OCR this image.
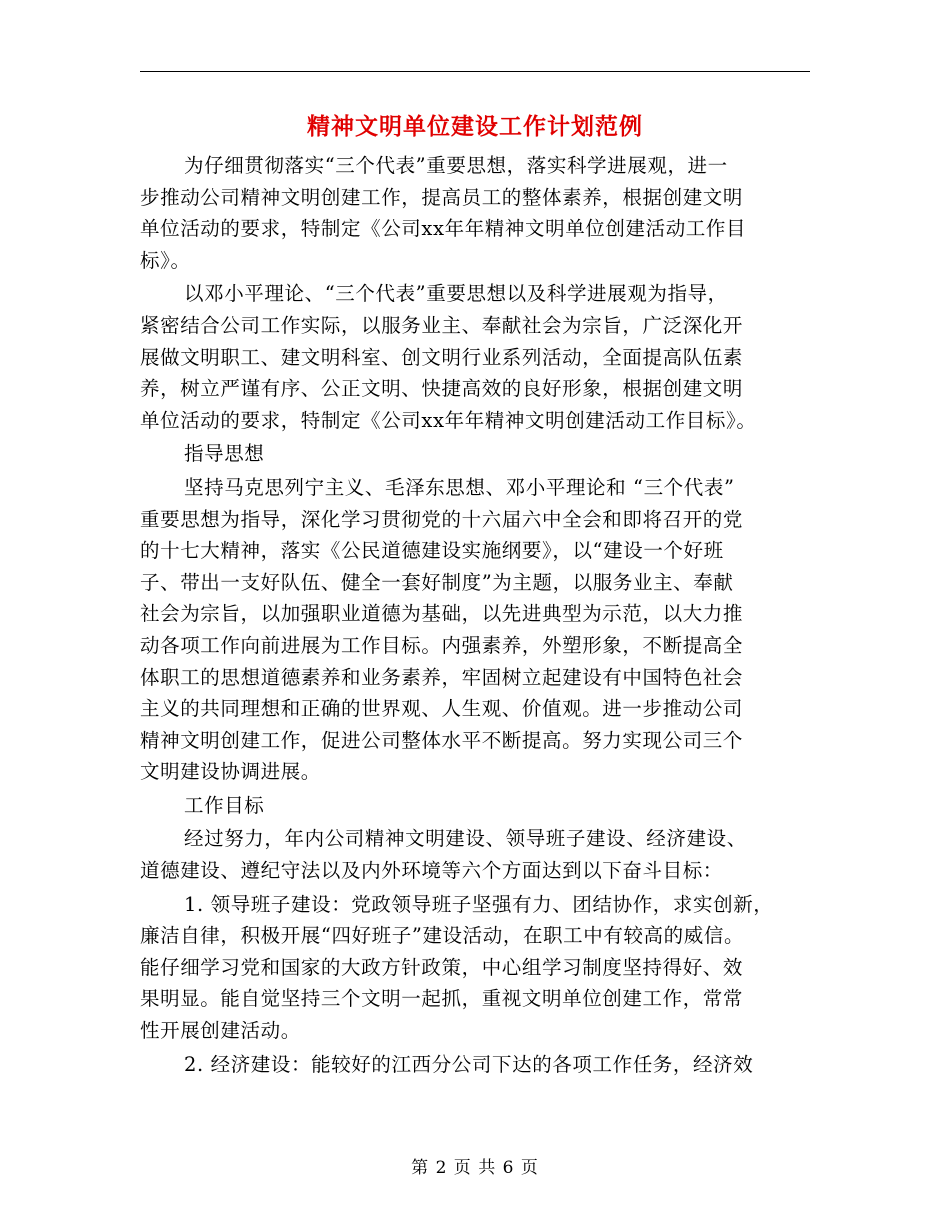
精神文明单位建设工作计划范例

为仔细贯彻落实“三个代表”重要思想，落实科学进展观，进一
步推动公司精神文明创建工作，提高员工的整体素养，根据创建文明
单位活动的要求，特制定《公司xx年年精神文明单位创建活动工作目
标》。

以邓小平理论、“三个代表”重要思想以及科学进展观为指导，
紧密结合公司工作实际，以服务业主、奉献社会为宗旨，广泛深化开
展做文明职工、建文明科室、创文明行业系列活动，全面提高队伍素
养，树立严谨有序、公正文明、快捷高效的良好形象，根据创建文明
单位活动的要求，特制定《公司xx年年精神文明创建活动工作目标》。

指导思想

坚持马克思列宁主义、毛泽东思想、邓小平理论和 “三个代表”
重要思想为指导，深化学习贯彻党的十六届六中全会和即将召开的党
的十七大精神，落实《公民道德建设实施纲要》，以“建设一个好班
子、带出一支好队伍、健全一套好制度”为主题，以服务业主、奉献
社会为宗旨，以加强职业道德为基础，以先进典型为示范，以大力推
动各项工作向前进展为工作目标。内强素养，外塑形象，不断提高全
体职工的思想道德素养和业务素养，牢固树立起建设有中国特色社会
主义的共同理想和正确的世界观、人生观、价值观。进一步推动公司
精神文明创建工作，促进公司整体水平不断提高。努力实现公司三个
文明建设协调进展。

工作目标

经过努力，年内公司精神文明建设、领导班子建设、经济建设、
道德建设、遵纪守法以及内外环境等六个方面达到以下奋斗目标：

1. 领导班子建设：党政领导班子坚强有力、团结协作，求实创新，
廉洁自律，积极开展“四好班子”建设活动，在职工中有较高的威信。
能仔细学习党和国家的大政方针政策，中心组学习制度坚持得好、效
果明显。能自觉坚持三个文明一起抓，重视文明单位创建工作，常常
性开展创建活动。

2. 经济建设：能较好的江西分公司下达的各项工作任务，经济效

第 2 页 共 6 页
